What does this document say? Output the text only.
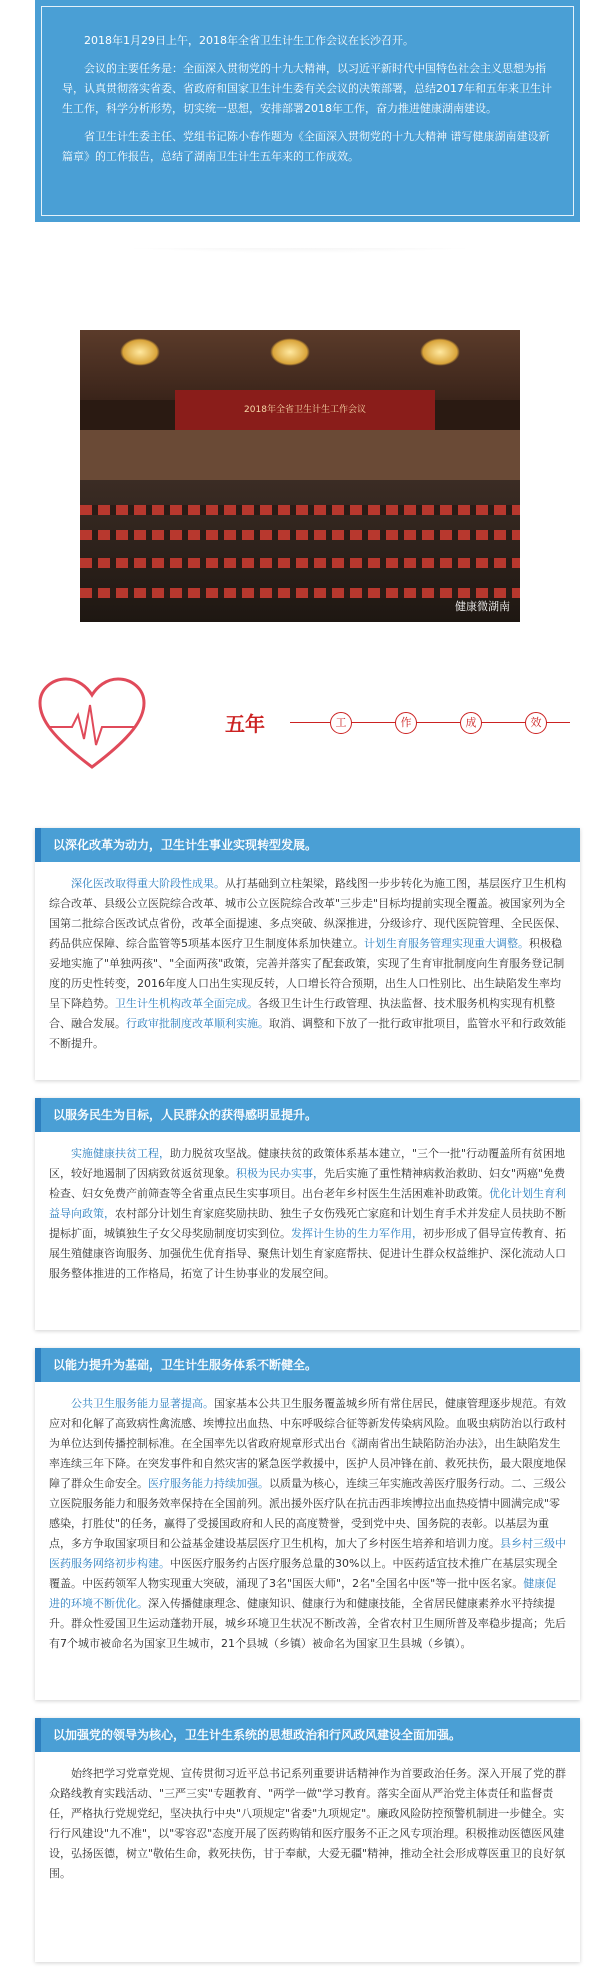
2018年1月29日上午，2018年全省卫生计生工作会议在长沙召开。

会议的主要任务是：全面深入贯彻党的十九大精神，以习近平新时代中国特色社会主义思想为指导，认真贯彻落实省委、省政府和国家卫生计生委有关会议的决策部署，总结2017年和五年来卫生计生工作，科学分析形势，切实统一思想，安排部署2018年工作，奋力推进健康湖南建设。

省卫生计生委主任、党组书记陈小春作题为《全面深入贯彻党的十九大精神 谱写健康湖南建设新篇章》的工作报告，总结了湖南卫生计生五年来的工作成效。

2018年全省卫生计生工作会议
健康微湖南
五年	工	作	成	效
以深化改革为动力，卫生计生事业实现转型发展。

深化医改取得重大阶段性成果。从打基础到立柱架梁，路线图一步步转化为施工图，基层医疗卫生机构综合改革、县级公立医院综合改革、城市公立医院综合改革"三步走"目标均提前实现全覆盖。被国家列为全国第二批综合医改试点省份，改革全面提速、多点突破、纵深推进，分级诊疗、现代医院管理、全民医保、药品供应保障、综合监管等5项基本医疗卫生制度体系加快建立。计划生育服务管理实现重大调整。积极稳妥地实施了"单独两孩"、"全面两孩"政策，完善并落实了配套政策，实现了生育审批制度向生育服务登记制度的历史性转变，2016年度人口出生实现反转，人口增长符合预期，出生人口性别比、出生缺陷发生率均呈下降趋势。卫生计生机构改革全面完成。各级卫生计生行政管理、执法监督、技术服务机构实现有机整合、融合发展。行政审批制度改革顺利实施。取消、调整和下放了一批行政审批项目，监管水平和行政效能不断提升。

以服务民生为目标，人民群众的获得感明显提升。

实施健康扶贫工程，助力脱贫攻坚战。健康扶贫的政策体系基本建立，"三个一批"行动覆盖所有贫困地区，较好地遏制了因病致贫返贫现象。积极为民办实事，先后实施了重性精神病救治救助、妇女"两癌"免费检查、妇女免费产前筛查等全省重点民生实事项目。出台老年乡村医生生活困难补助政策。优化计划生育利益导向政策，农村部分计划生育家庭奖励扶助、独生子女伤残死亡家庭和计划生育手术并发症人员扶助不断提标扩面，城镇独生子女父母奖励制度切实到位。发挥计生协的生力军作用，初步形成了倡导宣传教育、拓展生殖健康咨询服务、加强优生优育指导、聚焦计划生育家庭帮扶、促进计生群众权益维护、深化流动人口服务整体推进的工作格局，拓宽了计生协事业的发展空间。

以能力提升为基础，卫生计生服务体系不断健全。

公共卫生服务能力显著提高。国家基本公共卫生服务覆盖城乡所有常住居民，健康管理逐步规范。有效应对和化解了高致病性禽流感、埃博拉出血热、中东呼吸综合征等新发传染病风险。血吸虫病防治以行政村为单位达到传播控制标准。在全国率先以省政府规章形式出台《湖南省出生缺陷防治办法》，出生缺陷发生率连续三年下降。在突发事件和自然灾害的紧急医学救援中，医护人员冲锋在前、救死扶伤，最大限度地保障了群众生命安全。医疗服务能力持续加强。以质量为核心，连续三年实施改善医疗服务行动。二、三级公立医院服务能力和服务效率保持在全国前列。派出援外医疗队在抗击西非埃博拉出血热疫情中圆满完成"零感染，打胜仗"的任务，赢得了受援国政府和人民的高度赞誉，受到党中央、国务院的表彰。以基层为重点，多方争取国家项目和公益基金建设基层医疗卫生机构，加大了乡村医生培养和培训力度。县乡村三级中医药服务网络初步构建。中医医疗服务约占医疗服务总量的30%以上。中医药适宜技术推广在基层实现全覆盖。中医药领军人物实现重大突破，涌现了3名"国医大师"，2名"全国名中医"等一批中医名家。健康促进的环境不断优化。深入传播健康理念、健康知识、健康行为和健康技能，全省居民健康素养水平持续提升。群众性爱国卫生运动蓬勃开展，城乡环境卫生状况不断改善，全省农村卫生厕所普及率稳步提高；先后有7个城市被命名为国家卫生城市，21个县城（乡镇）被命名为国家卫生县城（乡镇）。

以加强党的领导为核心，卫生计生系统的思想政治和行风政风建设全面加强。

始终把学习党章党规、宣传贯彻习近平总书记系列重要讲话精神作为首要政治任务。深入开展了党的群众路线教育实践活动、"三严三实"专题教育、"两学一做"学习教育。落实全面从严治党主体责任和监督责任，严格执行党规党纪，坚决执行中央"八项规定"省委"九项规定"。廉政风险防控预警机制进一步健全。实行行风建设"九不准"，以"零容忍"态度开展了医药购销和医疗服务不正之风专项治理。积极推动医德医风建设，弘扬医德，树立"敬佑生命，救死扶伤，甘于奉献，大爱无疆"精神，推动全社会形成尊医重卫的良好氛围。
